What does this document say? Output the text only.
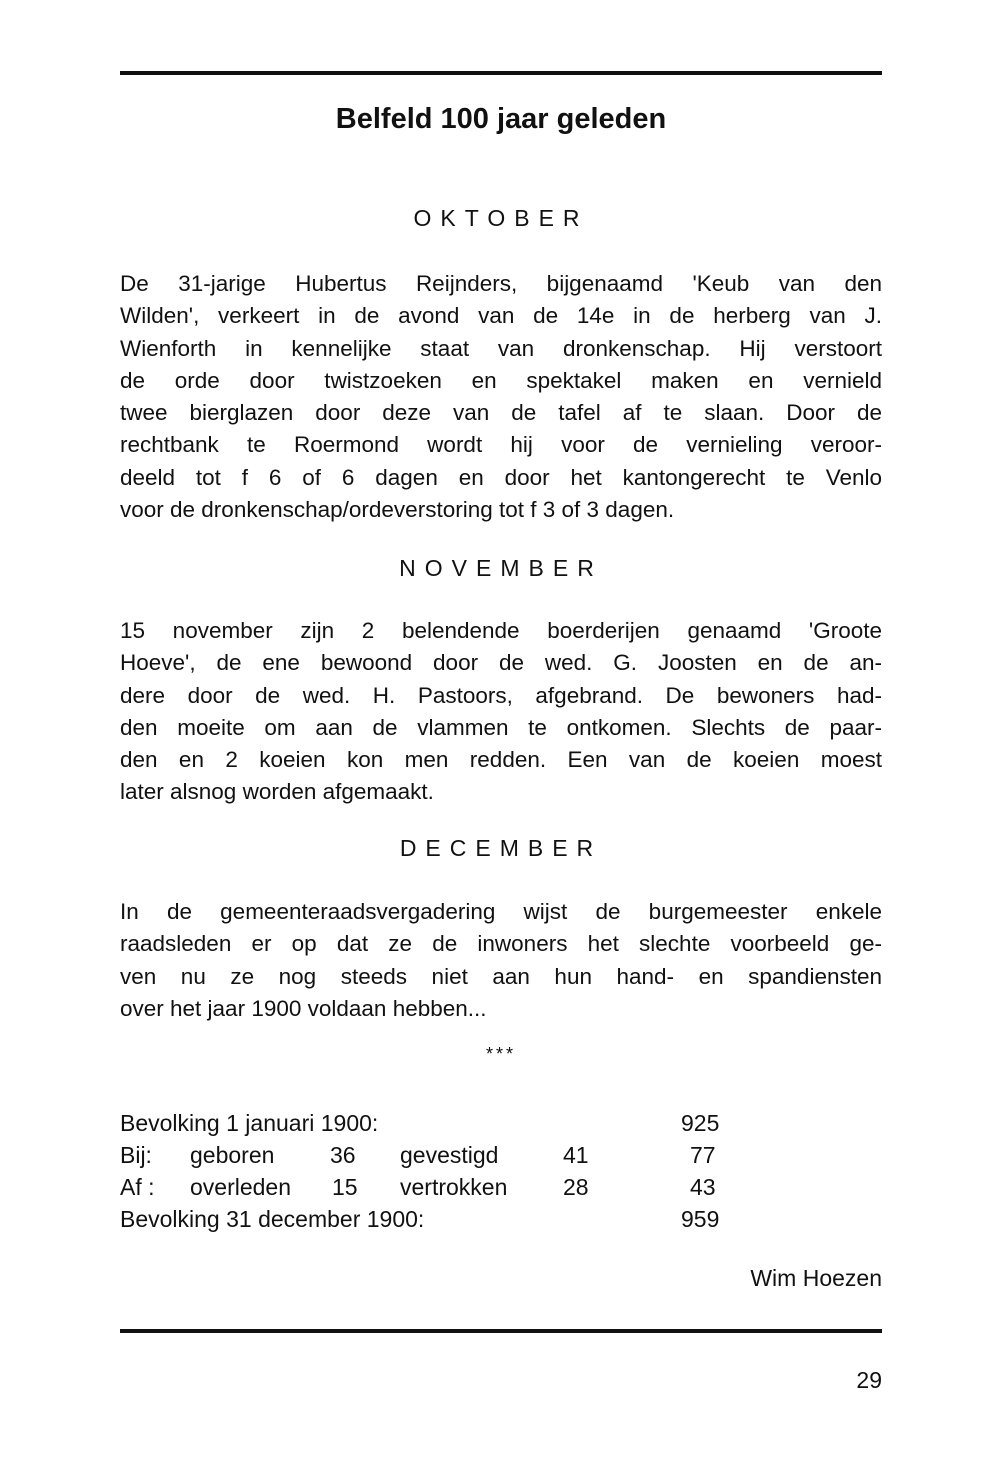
Belfeld 100 jaar geleden
OKTOBER
De 31-jarige Hubertus Reijnders, bijgenaamd 'Keub van den
Wilden', verkeert in de avond van de 14e in de herberg van J.
Wienforth in kennelijke staat van dronkenschap. Hij verstoort
de orde door twistzoeken en spektakel maken en vernield
twee bierglazen door deze van de tafel af te slaan. Door de
rechtbank te Roermond wordt hij voor de vernieling veroor-
deeld tot f 6 of 6 dagen en door het kantongerecht te Venlo
voor de dronkenschap/ordeverstoring tot f 3 of 3 dagen.
NOVEMBER
15 november zijn 2 belendende boerderijen genaamd 'Groote
Hoeve', de ene bewoond door de wed. G. Joosten en de an-
dere door de wed. H. Pastoors, afgebrand. De bewoners had-
den moeite om aan de vlammen te ontkomen. Slechts de paar-
den en 2 koeien kon men redden. Een van de koeien moest
later alsnog worden afgemaakt.
DECEMBER
In de gemeenteraadsvergadering wijst de burgemeester enkele
raadsleden er op dat ze de inwoners het slechte voorbeeld ge-
ven nu ze nog steeds niet aan hun hand- en spandiensten
over het jaar 1900 voldaan hebben...
***
Bevolking 1 januari 1900:	925
Bij: geboren 36 gevestigd	41	77
Af : overleden 15 vertrokken 28	43
Bevolking 31 december 1900:	959
Wim Hoezen
29
